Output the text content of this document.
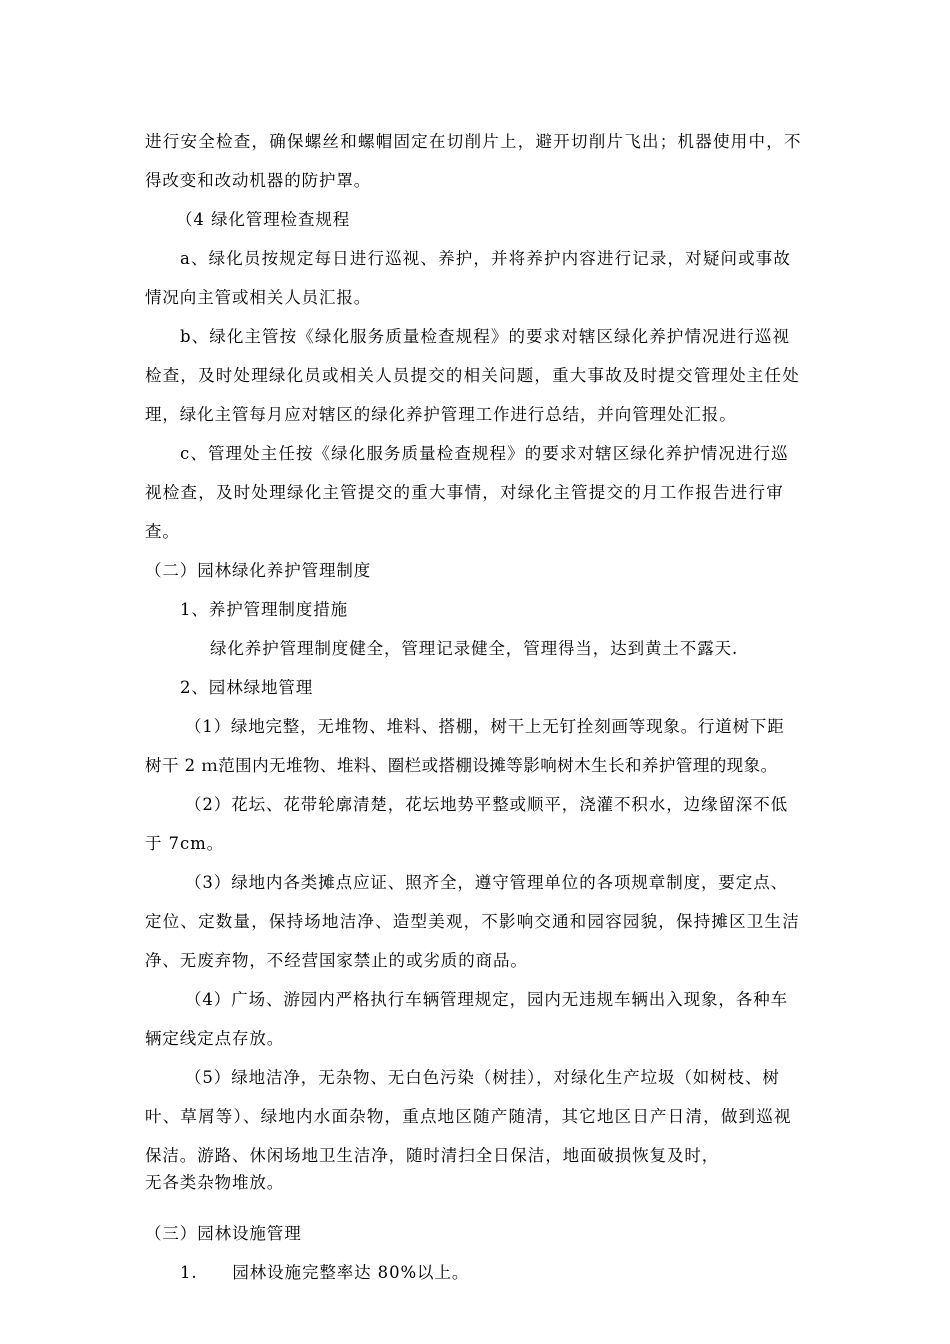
进行安全检查，确保螺丝和螺帽固定在切削片上，避开切削片飞出；机器使用中，不
得改变和改动机器的防护罩。
（4 绿化管理检查规程
a、绿化员按规定每日进行巡视、养护，并将养护内容进行记录，对疑问或事故
情况向主管或相关人员汇报。
b、绿化主管按《绿化服务质量检查规程》的要求对辖区绿化养护情况进行巡视
检查，及时处理绿化员或相关人员提交的相关问题，重大事故及时提交管理处主任处
理，绿化主管每月应对辖区的绿化养护管理工作进行总结，并向管理处汇报。
c、管理处主任按《绿化服务质量检查规程》的要求对辖区绿化养护情况进行巡
视检查，及时处理绿化主管提交的重大事情，对绿化主管提交的月工作报告进行审
查。
（二）园林绿化养护管理制度
1、养护管理制度措施
绿化养护管理制度健全，管理记录健全，管理得当，达到黄土不露天.
2、园林绿地管理
（1）绿地完整，无堆物、堆料、搭棚，树干上无钉拴刻画等现象。行道树下距
树干 2 ｍ范围内无堆物、堆料、圈栏或搭棚设摊等影响树木生长和养护管理的现象。
（2）花坛、花带轮廓清楚，花坛地势平整或顺平，浇灌不积水，边缘留深不低
于 7cm。
（3）绿地内各类摊点应证、照齐全，遵守管理单位的各项规章制度，要定点、
定位、定数量，保持场地洁净、造型美观，不影响交通和园容园貌，保持摊区卫生洁
净、无废弃物，不经营国家禁止的或劣质的商品。
（4）广场、游园内严格执行车辆管理规定，园内无违规车辆出入现象，各种车
辆定线定点存放。
（5）绿地洁净，无杂物、无白色污染（树挂），对绿化生产垃圾（如树枝、树
叶、草屑等）、绿地内水面杂物，重点地区随产随清，其它地区日产日清，做到巡视
保洁。游路、休闲场地卫生洁净，随时清扫全日保洁，地面破损恢复及时，
无各类杂物堆放。
（三）园林设施管理
1.　　园林设施完整率达 80%以上。
